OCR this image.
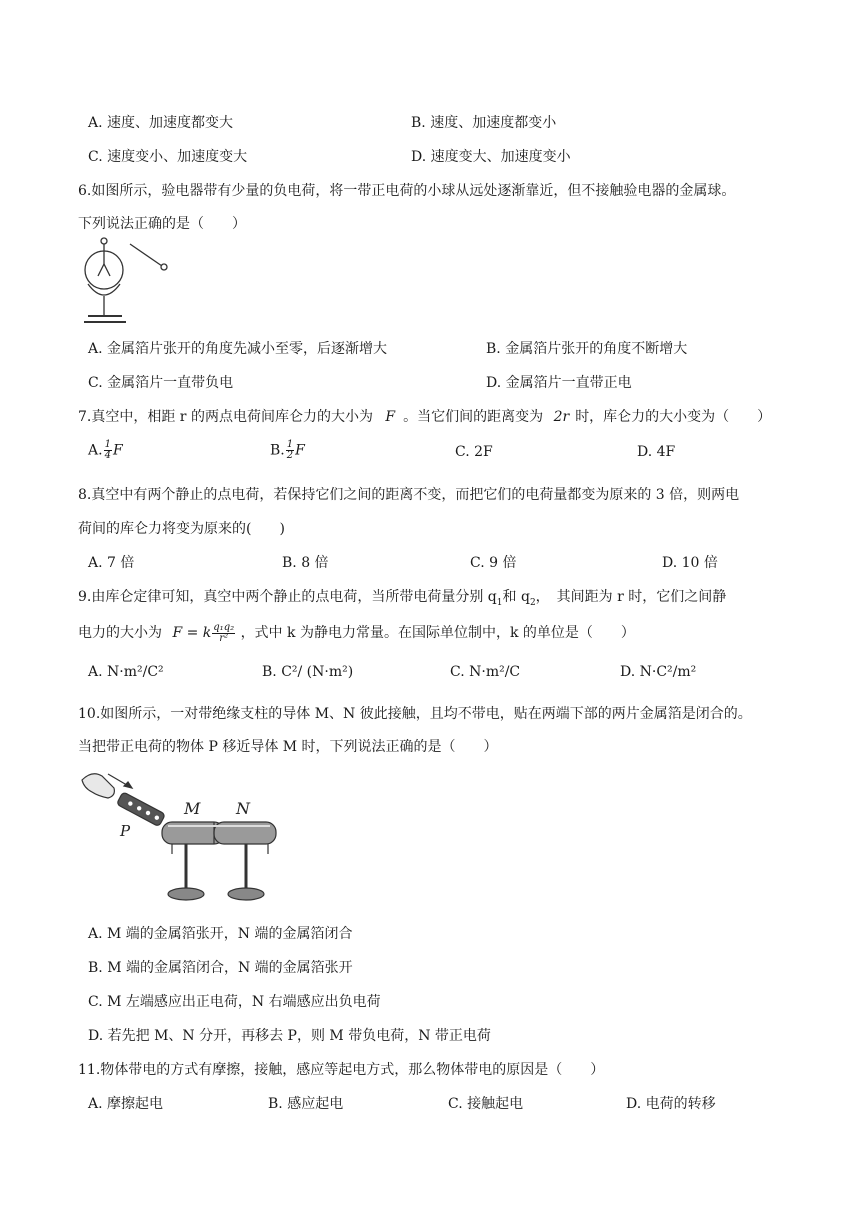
A. 速度、加速度都变大	B. 速度、加速度都变小
C. 速度变小、加速度变大	D. 速度变大、加速度变小
6.如图所示，验电器带有少量的负电荷，将一带正电荷的小球从远处逐渐靠近，但不接触验电器的金属球。
下列说法正确的是（　　）
A. 金属箔片张开的角度先减小至零，后逐渐增大	B. 金属箔片张开的角度不断增大
C. 金属箔片一直带负电	D. 金属箔片一直带正电
7.真空中，相距 r 的两点电荷间库仑力的大小为 F 。当它们间的距离变为 2r 时，库仑力的大小变为（　　）
A. $\frac{1}{4}$ F	B. $\frac{1}{2}$ F	C. 2F	D. 4F
8.真空中有两个静止的点电荷，若保持它们之间的距离不变，而把它们的电荷量都变为原来的 3 倍，则两电
荷间的库仑力将变为原来的(　　)
A. 7 倍	B. 8 倍	C. 9 倍	D. 10 倍
9.由库仑定律可知，真空中两个静止的点电荷，当所带电荷量分别 $q_1$和 $q_2$，　其间距为 r 时，它们之间静
电力的大小为 F = k $\frac{\text{q₁q₂}}{\text{r²}}$ ，式中 k 为静电力常量。在国际单位制中，k 的单位是（　　）
A. N·m²/C²	B. C²/ (N·m²)	C. N·m²/C	D. N·C²/m²
10.如图所示，一对带绝缘支柱的导体 M、N 彼此接触，且均不带电，贴在两端下部的两片金属箔是闭合的。
当把带正电荷的物体 P 移近导体 M 时，下列说法正确的是（　　）
M N
P
A. M 端的金属箔张开，N 端的金属箔闭合
B. M 端的金属箔闭合，N 端的金属箔张开
C. M 左端感应出正电荷，N 右端感应出负电荷
D. 若先把 M、N 分开，再移去 P，则 M 带负电荷，N 带正电荷
11.物体带电的方式有摩擦，接触，感应等起电方式，那么物体带电的原因是（　　）
A. 摩擦起电	B. 感应起电	C. 接触起电	D. 电荷的转移
